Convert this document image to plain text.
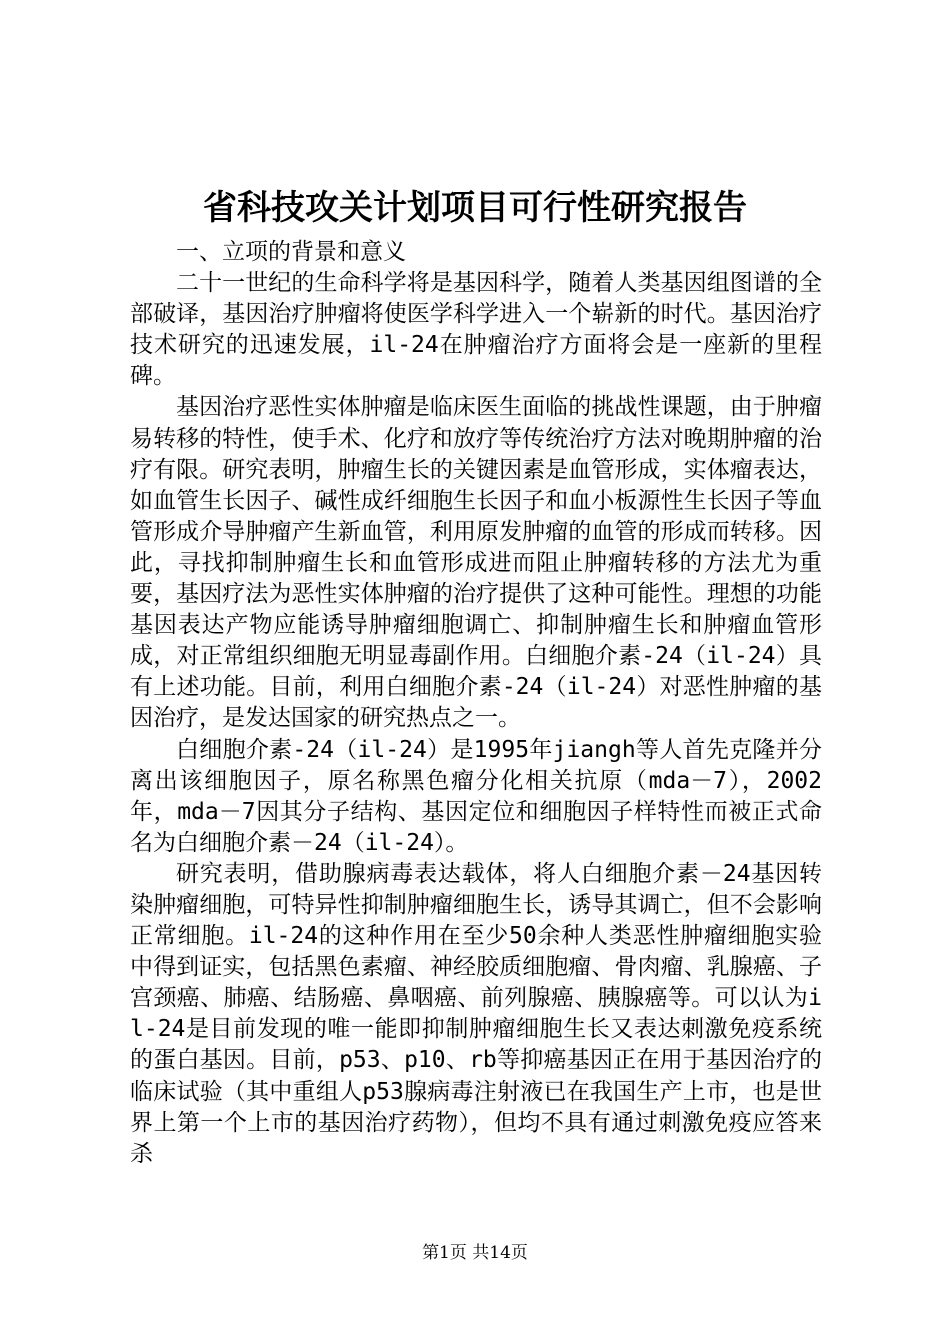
省科技攻关计划项目可行性研究报告

一、立项的背景和意义

二十一世纪的生命科学将是基因科学，随着人类基因组图谱的全部破译，基因治疗肿瘤将使医学科学进入一个崭新的时代。基因治疗技术研究的迅速发展，il-24在肿瘤治疗方面将会是一座新的里程碑。

基因治疗恶性实体肿瘤是临床医生面临的挑战性课题，由于肿瘤易转移的特性，使手术、化疗和放疗等传统治疗方法对晚期肿瘤的治疗有限。研究表明，肿瘤生长的关键因素是血管形成，实体瘤表达，如血管生长因子、碱性成纤细胞生长因子和血小板源性生长因子等血管形成介导肿瘤产生新血管，利用原发肿瘤的血管的形成而转移。因此，寻找抑制肿瘤生长和血管形成进而阻止肿瘤转移的方法尤为重要，基因疗法为恶性实体肿瘤的治疗提供了这种可能性。理想的功能基因表达产物应能诱导肿瘤细胞调亡、抑制肿瘤生长和肿瘤血管形成，对正常组织细胞无明显毒副作用。白细胞介素-24（il-24）具有上述功能。目前，利用白细胞介素-24（il-24）对恶性肿瘤的基因治疗，是发达国家的研究热点之一。

白细胞介素-24（il-24）是1995年jiangh等人首先克隆并分离出该细胞因子，原名称黑色瘤分化相关抗原（mda－7），2002年，mda－7因其分子结构、基因定位和细胞因子样特性而被正式命名为白细胞介素－24（il-24）。

研究表明，借助腺病毒表达载体，将人白细胞介素－24基因转染肿瘤细胞，可特异性抑制肿瘤细胞生长，诱导其调亡，但不会影响正常细胞。il-24的这种作用在至少50余种人类恶性肿瘤细胞实验中得到证实，包括黑色素瘤、神经胶质细胞瘤、骨肉瘤、乳腺癌、子宫颈癌、肺癌、结肠癌、鼻咽癌、前列腺癌、胰腺癌等。可以认为il-24是目前发现的唯一能即抑制肿瘤细胞生长又表达刺激免疫系统的蛋白基因。目前，p53、p10、rb等抑癌基因正在用于基因治疗的临床试验（其中重组人p53腺病毒注射液已在我国生产上市，也是世界上第一个上市的基因治疗药物），但均不具有通过刺激免疫应答来杀

第1页 共14页
